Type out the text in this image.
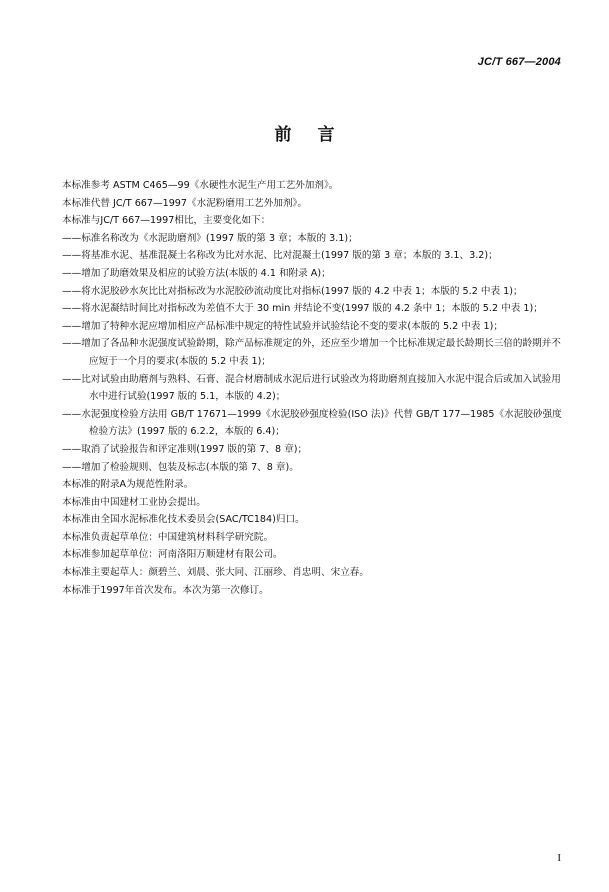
JC/T 667—2004
前言

本标准参考 ASTM C465—99《水硬性水泥生产用工艺外加剂》。

本标准代替 JC/T 667—1997《水泥粉磨用工艺外加剂》。

本标准与JC/T 667—1997相比，主要变化如下：

——标准名称改为《水泥助磨剂》(1997 版的第 3 章；本版的 3.1)；

——将基准水泥、基准混凝土名称改为比对水泥、比对混凝土(1997 版的第 3 章；本版的 3.1、3.2)；

——增加了助磨效果及相应的试验方法(本版的 4.1 和附录 A)；

——将水泥胶砂水灰比比对指标改为水泥胶砂流动度比对指标(1997 版的 4.2 中表 1；本版的 5.2 中表 1)；

——将水泥凝结时间比对指标改为差值不大于 30 min 并结论不变(1997 版的 4.2 条中 1；本版的 5.2 中表 1)；

——增加了特种水泥应增加相应产品标准中规定的特性试验并试验结论不变的要求(本版的 5.2 中表 1)；

——增加了各品种水泥强度试验龄期，除产品标准规定的外，还应至少增加一个比标准规定最长龄期长三倍的龄期并不应短于一个月的要求(本版的 5.2 中表 1)；

——比对试验由助磨剂与熟料、石膏、混合材磨制成水泥后进行试验改为将助磨剂直接加入水泥中混合后或加入试验用水中进行试验(1997 版的 5.1，本版的 4.2)；

——水泥强度检验方法用 GB/T 17671—1999《水泥胶砂强度检验(ISO 法)》代替 GB/T 177—1985《水泥胶砂强度检验方法》(1997 版的 6.2.2，本版的 6.4)；

——取消了试验报告和评定准则(1997 版的第 7、8 章)；

——增加了检验规则、包装及标志(本版的第 7、8 章)。

本标准的附录A为规范性附录。

本标准由中国建材工业协会提出。

本标准由全国水泥标准化技术委员会(SAC/TC184)归口。

本标准负责起草单位：中国建筑材料科学研究院。

本标准参加起草单位：河南洛阳万顺建材有限公司。

本标准主要起草人：颜碧兰、刘晨、张大同、江丽珍、肖忠明、宋立春。

本标准于1997年首次发布。本次为第一次修订。

I
